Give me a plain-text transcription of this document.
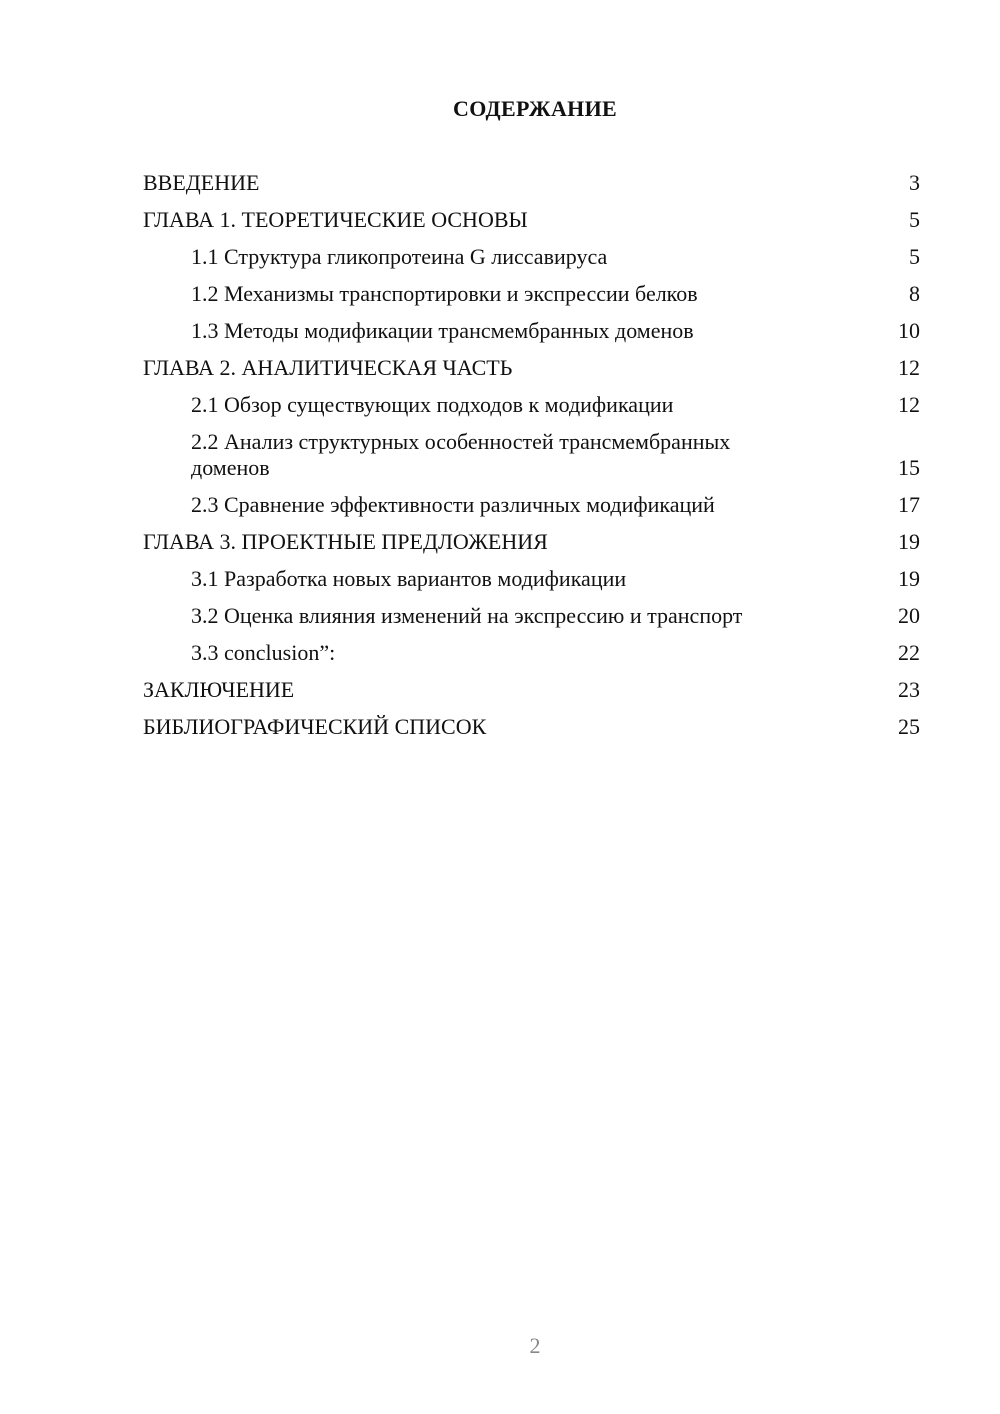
СОДЕРЖАНИЕ
ВВЕДЕНИЕ	3
ГЛАВА 1. ТЕОРЕТИЧЕСКИЕ ОСНОВЫ	5
1.1 Структура гликопротеина G лиссавируса	5
1.2 Механизмы транспортировки и экспрессии белков	8
1.3 Методы модификации трансмембранных доменов	10
ГЛАВА 2. АНАЛИТИЧЕСКАЯ ЧАСТЬ	12
2.1 Обзор существующих подходов к модификации	12
2.2 Анализ структурных особенностей трансмембранных доменов	15
2.3 Сравнение эффективности различных модификаций	17
ГЛАВА 3. ПРОЕКТНЫЕ ПРЕДЛОЖЕНИЯ	19
3.1 Разработка новых вариантов модификации	19
3.2 Оценка влияния изменений на экспрессию и транспорт	20
3.3 conclusion”:	22
ЗАКЛЮЧЕНИЕ	23
БИБЛИОГРАФИЧЕСКИЙ СПИСОК	25
2
